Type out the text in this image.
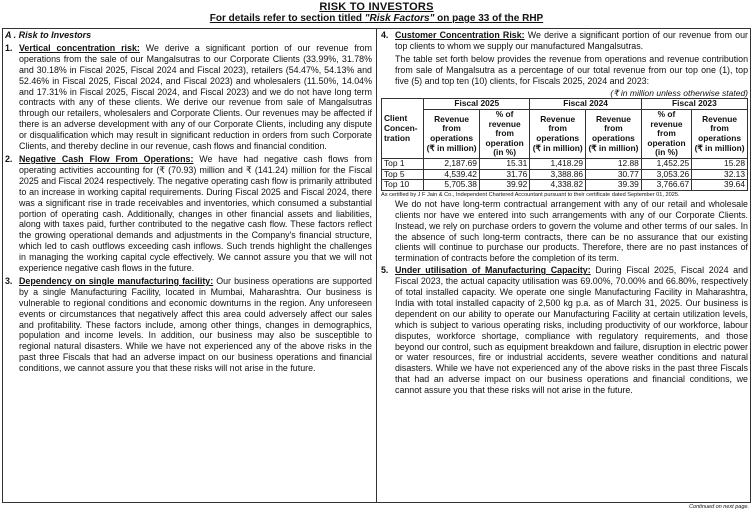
RISK TO INVESTORS
For details refer to section titled "Risk Factors" on page 33 of the RHP
A . Risk to Investors
1. Vertical concentration risk: We derive a significant portion of our revenue from operations from the sale of our Mangalsutras to our Corporate Clients (33.99%, 31.78% and 30.18% in Fiscal 2025, Fiscal 2024 and Fiscal 2023), retailers (54.47%, 54.13% and 52.46% in Fiscal 2025, Fiscal 2024, and Fiscal 2023) and wholesalers (11.50%, 14.04% and 17.31% in Fiscal 2025, Fiscal 2024, and Fiscal 2023) and we do not have long term contracts with any of these clients. We derive our revenue from sale of Mangalsutras through our retailers, wholesalers and Corporate Clients. Our revenues may be affected if there is an adverse development with any of our Corporate Clients, including any dispute or disqualification which may result in significant reduction in orders from such Corporate Clients, and thereby decline in our revenue, cash flows and financial condition.
2. Negative Cash Flow From Operations: We have had negative cash flows from operating activities accounting for (₹ (70.93) million and ₹ (141.24) million for the Fiscal 2025 and Fiscal 2024 respectively. The negative operating cash flow is primarily attributed to an increase in working capital requirements. During Fiscal 2025 and Fiscal 2024, there was a significant rise in trade receivables and inventories, which consumed a substantial portion of operating cash. Additionally, changes in other financial assets and liabilities, along with taxes paid, further contributed to the negative cash flow. These factors reflect the growing operational demands and adjustments in the Company's financial structure, which led to cash outflows exceeding cash inflows. Such trends highlight the challenges in managing the working capital cycle effectively. We cannot assure you that we will not experience negative cash flows in the future.
3. Dependency on single manufacturing facility: Our business operations are supported by a single Manufacturing Facility, located in Mumbai, Maharashtra. Our business is vulnerable to regional conditions and economic downturns in the region. Any unforeseen events or circumstances that negatively affect this area could adversely affect our sales and profitability. These factors include, among other things, changes in demographics, population and income levels. In addition, our business may also be susceptible to regional natural disasters. While we have not experienced any of the above risks in the past three Fiscals that had an adverse impact on our business operations and financial conditions, we cannot assure you that these risks will not arise in the future.
4. Customer Concentration Risk: We derive a significant portion of our revenue from our top clients to whom we supply our manufactured Mangalsutras.
The table set forth below provides the revenue from operations and revenue contribution from sale of Mangalsutra as a percentage of our total revenue from our top one (1), top five (5) and top ten (10) clients, for Fiscals 2025, 2024 and 2023:
(₹ in million unless otherwise stated)
Client Concen-tration	Fiscal 2025		Fiscal 2024		Fiscal 2023	
	Revenue from operations (₹ in million)	% of revenue from operation (in %)	Revenue from operations (₹ in million)	Revenue from operations (₹ in million)	% of revenue from operation (in %)	Revenue from operations (₹ in million)
Top 1	2,187.69	15.31	1,418.29	12.88	1,452.25	15.28
Top 5	4,539.42	31.76	3,388.86	30.77	3,053.26	32.13
Top 10	5,705.38	39.92	4,338.82	39.39	3,766.67	39.64
As certified by J F Jain & Co., Independent Chartered Accountant pursuant to their certificate dated September 01, 2025.
We do not have long-term contractual arrangement with any of our retail and wholesale clients nor have we entered into such arrangements with any of our Corporate Clients. Instead, we rely on purchase orders to govern the volume and other terms of our sales. In the absence of such long-term contracts, there can be no assurance that our existing clients will continue to purchase our products. Therefore, there are no past instances of termination of contracts before the completion of its term.
5. Under utilisation of Manufacturing Capacity: During Fiscal 2025, Fiscal 2024 and Fiscal 2023, the actual capacity utilisation was 69.00%, 70.00% and 66.80%, respectively of total installed capacity. We operate one single Manufacturing Facility in Maharashtra, India with total installed capacity of 2,500 kg p.a. as of March 31, 2025. Our business is dependent on our ability to operate our Manufacturing Facility at certain utilization levels, which is subject to various operating risks, including productivity of our workforce, labour disputes, workforce shortage, compliance with regulatory requirements, and those beyond our control, such as equipment breakdown and failure, disruption in electric power or water resources, fire or industrial accidents, severe weather conditions and natural disasters. While we have not experienced any of the above risks in the past three Fiscals that had an adverse impact on our business operations and financial conditions, we cannot assure you that these risks will not arise in the future.
Continued on next page.
